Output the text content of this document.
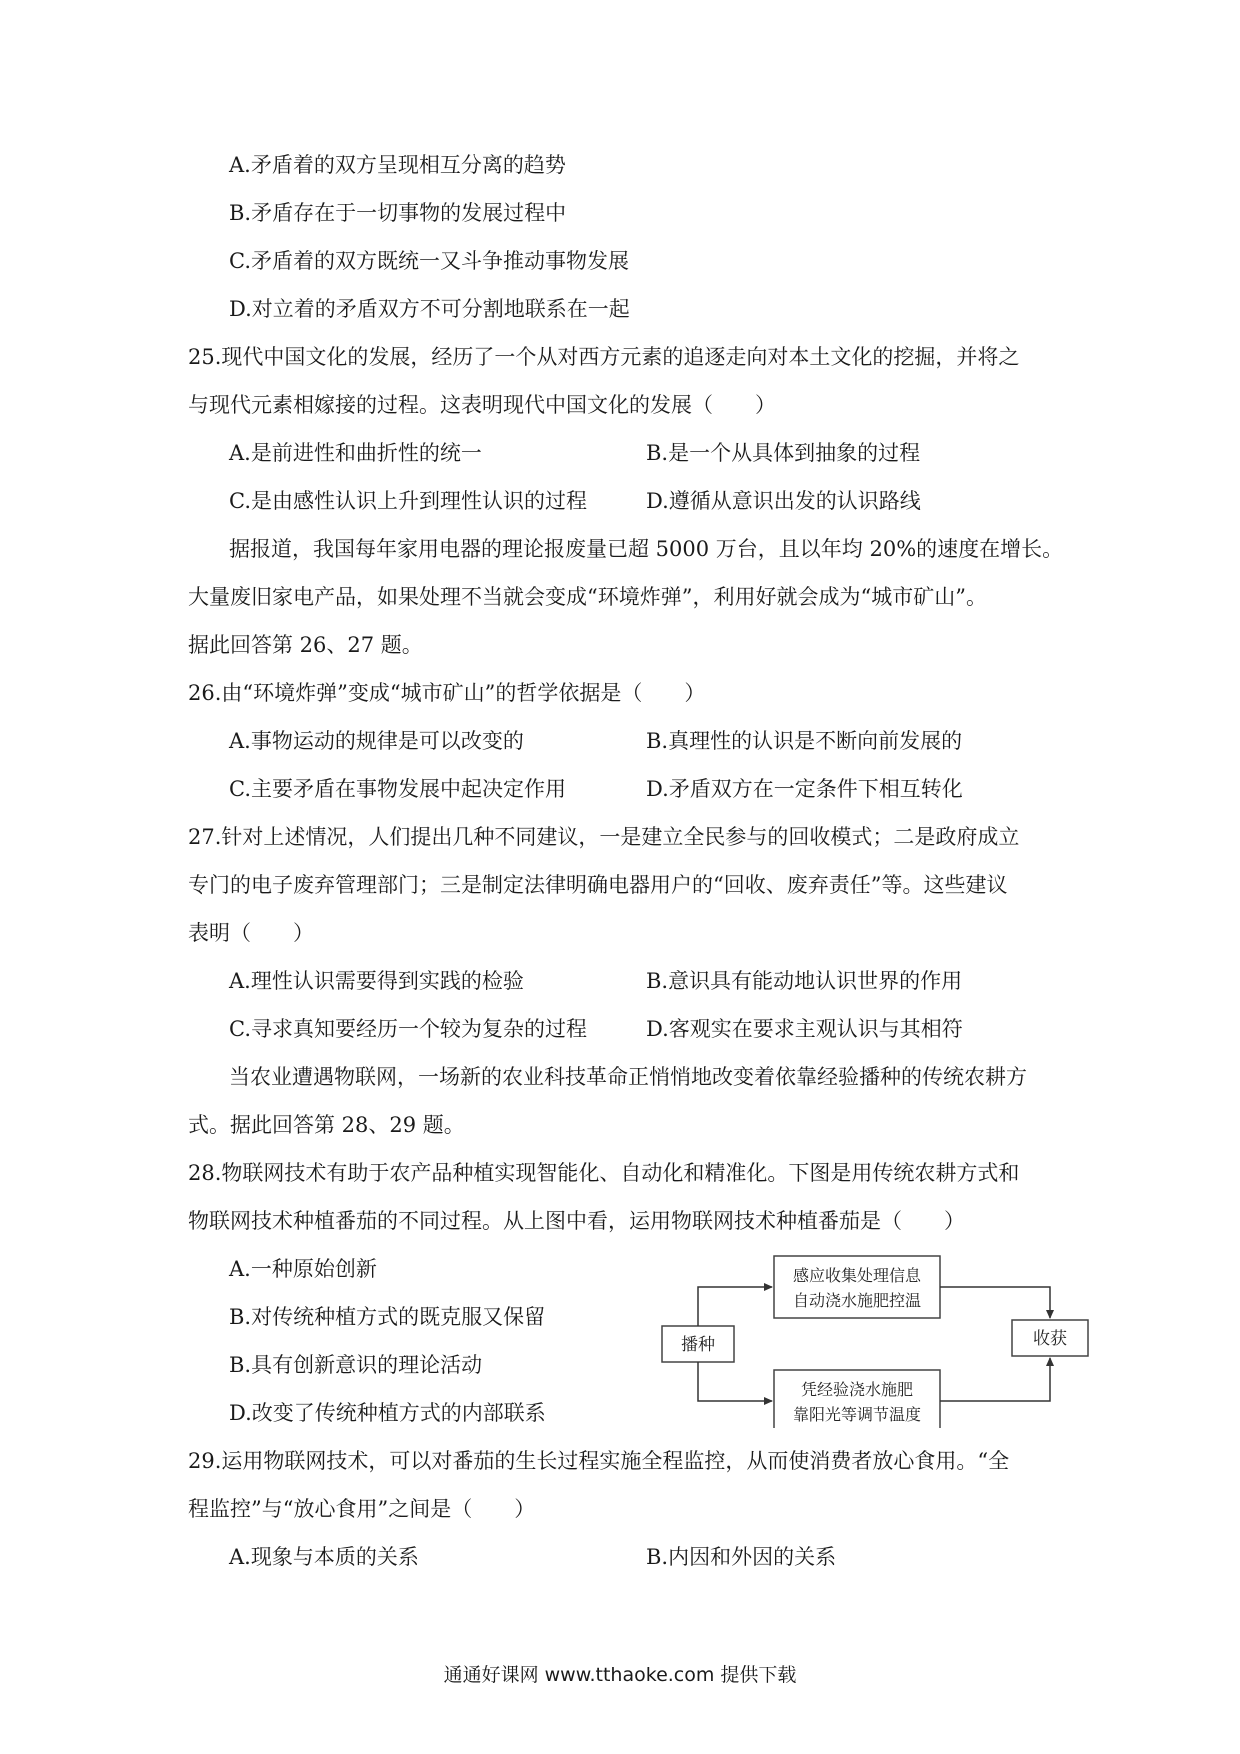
A.矛盾着的双方呈现相互分离的趋势
B.矛盾存在于一切事物的发展过程中
C.矛盾着的双方既统一又斗争推动事物发展
D.对立着的矛盾双方不可分割地联系在一起
25.现代中国文化的发展，经历了一个从对西方元素的追逐走向对本土文化的挖掘，并将之
与现代元素相嫁接的过程。这表明现代中国文化的发展（　　）
A.是前进性和曲折性的统一	B.是一个从具体到抽象的过程
C.是由感性认识上升到理性认识的过程	D.遵循从意识出发的认识路线
据报道，我国每年家用电器的理论报废量已超 5000 万台，且以年均 20%的速度在增长。
大量废旧家电产品，如果处理不当就会变成“环境炸弹”，利用好就会成为“城市矿山”。
据此回答第 26、27 题。
26.由“环境炸弹”变成“城市矿山”的哲学依据是（　　）
A.事物运动的规律是可以改变的	B.真理性的认识是不断向前发展的
C.主要矛盾在事物发展中起决定作用	D.矛盾双方在一定条件下相互转化
27.针对上述情况，人们提出几种不同建议，一是建立全民参与的回收模式；二是政府成立
专门的电子废弃管理部门；三是制定法律明确电器用户的“回收、废弃责任”等。这些建议
表明（　　）
A.理性认识需要得到实践的检验	B.意识具有能动地认识世界的作用
C.寻求真知要经历一个较为复杂的过程	D.客观实在要求主观认识与其相符
当农业遭遇物联网，一场新的农业科技革命正悄悄地改变着依靠经验播种的传统农耕方
式。据此回答第 28、29 题。
28.物联网技术有助于农产品种植实现智能化、自动化和精准化。下图是用传统农耕方式和
物联网技术种植番茄的不同过程。从上图中看，运用物联网技术种植番茄是（　　）
A.一种原始创新
B.对传统种植方式的既克服又保留
B.具有创新意识的理论活动
D.改变了传统种植方式的内部联系
播种
感应收集处理信息
自动浇水施肥控温
凭经验浇水施肥
靠阳光等调节温度
收获
29.运用物联网技术，可以对番茄的生长过程实施全程监控，从而使消费者放心食用。“全
程监控”与“放心食用”之间是（　　）
A.现象与本质的关系	B.内因和外因的关系
通通好课网 www.tthaoke.com 提供下载
